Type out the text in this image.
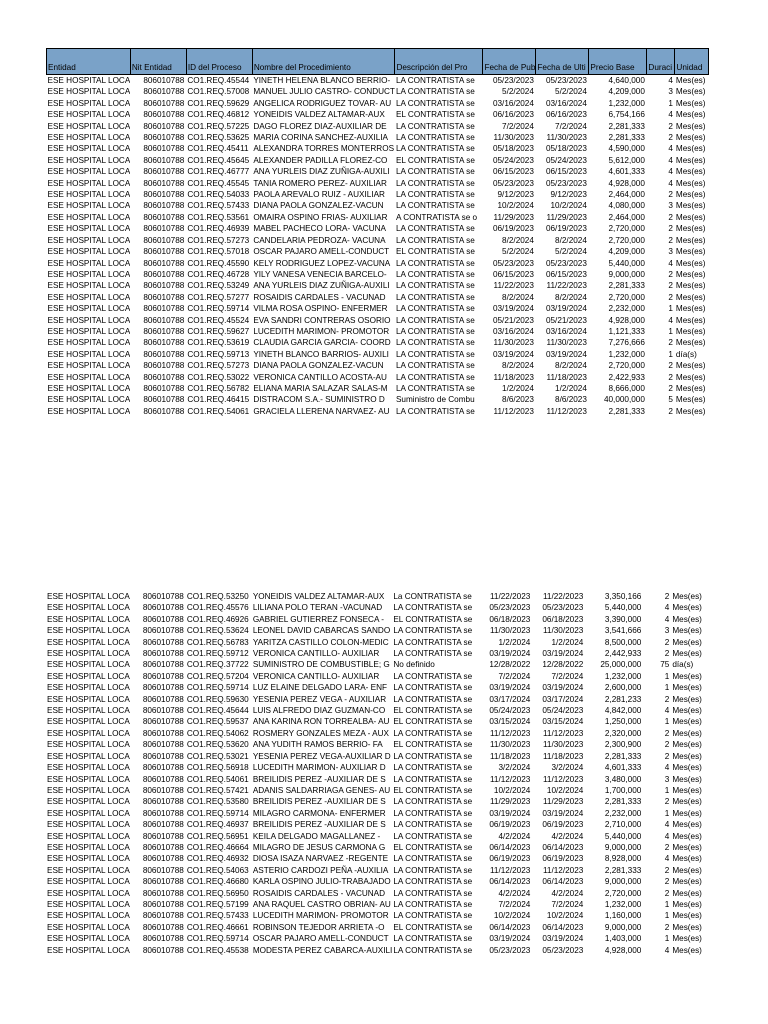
Entidad	Nit Entidad	ID del Proceso	Nombre del Procedimiento	Descripción del Pro	Fecha de Pub	Fecha de Ulti	Precio Base	Duraci	Unidad
ESE HOSPITAL LOCA	806010788	CO1.REQ.45544	YINETH HELENA BLANCO BERRIO-	LA CONTRATISTA se	05/23/2023	05/23/2023	4,640,000	4	Mes(es)
ESE HOSPITAL LOCA	806010788	CO1.REQ.57008	MANUEL JULIO CASTRO- CONDUCT	LA CONTRATISTA se	5/2/2024	5/2/2024	4,209,000	3	Mes(es)
ESE HOSPITAL LOCA	806010788	CO1.REQ.59629	ANGELICA RODRIGUEZ TOVAR- AU	LA CONTRATISTA se	03/16/2024	03/16/2024	1,232,000	1	Mes(es)
ESE HOSPITAL LOCA	806010788	CO1.REQ.46812	YONEIDIS VALDEZ ALTAMAR-AUX	EL CONTRATISTA se	06/16/2023	06/16/2023	6,754,166	4	Mes(es)
ESE HOSPITAL LOCA	806010788	CO1.REQ.57225	DAGO FLOREZ DIAZ-AUXILIAR DE	LA CONTRATISTA se	7/2/2024	7/2/2024	2,281,333	2	Mes(es)
ESE HOSPITAL LOCA	806010788	CO1.REQ.53625	MARIA CORINA SANCHEZ-AUXILIA	LA CONTRATISTA se	11/30/2023	11/30/2023	2,281,333	2	Mes(es)
ESE HOSPITAL LOCA	806010788	CO1.REQ.45411	ALEXANDRA TORRES MONTERROS	LA CONTRATISTA se	05/18/2023	05/18/2023	4,590,000	4	Mes(es)
ESE HOSPITAL LOCA	806010788	CO1.REQ.45645	ALEXANDER PADILLA FLOREZ-CO	EL CONTRATISTA se	05/24/2023	05/24/2023	5,612,000	4	Mes(es)
ESE HOSPITAL LOCA	806010788	CO1.REQ.46777	ANA YURLEIS DIAZ ZUÑIGA-AUXILI	LA CONTRATISTA se	06/15/2023	06/15/2023	4,601,333	4	Mes(es)
ESE HOSPITAL LOCA	806010788	CO1.REQ.45545	TANIA ROMERO PEREZ- AUXILIAR	LA CONTRATISTA se	05/23/2023	05/23/2023	4,928,000	4	Mes(es)
ESE HOSPITAL LOCA	806010788	CO1.REQ.54033	PAOLA AREVALO RUIZ - AUXILIAR	LA CONTRATISTA se	9/12/2023	9/12/2023	2,464,000	2	Mes(es)
ESE HOSPITAL LOCA	806010788	CO1.REQ.57433	DIANA PAOLA GONZALEZ-VACUN	LA CONTRATISTA se	10/2/2024	10/2/2024	4,080,000	3	Mes(es)
ESE HOSPITAL LOCA	806010788	CO1.REQ.53561	OMAIRA OSPINO FRIAS- AUXILIAR	A CONTRATISTA se o	11/29/2023	11/29/2023	2,464,000	2	Mes(es)
ESE HOSPITAL LOCA	806010788	CO1.REQ.46939	MABEL PACHECO LORA- VACUNA	LA CONTRATISTA se	06/19/2023	06/19/2023	2,720,000	2	Mes(es)
ESE HOSPITAL LOCA	806010788	CO1.REQ.57273	CANDELARIA PEDROZA- VACUNA	LA CONTRATISTA se	8/2/2024	8/2/2024	2,720,000	2	Mes(es)
ESE HOSPITAL LOCA	806010788	CO1.REQ.57018	OSCAR PAJARO AMELL-CONDUCT	EL CONTRATISTA se	5/2/2024	5/2/2024	4,209,000	3	Mes(es)
ESE HOSPITAL LOCA	806010788	CO1.REQ.45590	KELY RODRIGUEZ LOPEZ-VACUNA	LA CONTRATISTA se	05/23/2023	05/23/2023	5,440,000	4	Mes(es)
ESE HOSPITAL LOCA	806010788	CO1.REQ.46728	YILY VANESA VENECIA BARCELO-	LA CONTRATISTA se	06/15/2023	06/15/2023	9,000,000	2	Mes(es)
ESE HOSPITAL LOCA	806010788	CO1.REQ.53249	ANA YURLEIS DIAZ ZUÑIGA-AUXILI	LA CONTRATISTA se	11/22/2023	11/22/2023	2,281,333	2	Mes(es)
ESE HOSPITAL LOCA	806010788	CO1.REQ.57277	ROSAIDIS CARDALES - VACUNAD	LA CONTRATISTA se	8/2/2024	8/2/2024	2,720,000	2	Mes(es)
ESE HOSPITAL LOCA	806010788	CO1.REQ.59714	VILMA ROSA OSPINO- ENFERMER	LA CONTRATISTA se	03/19/2024	03/19/2024	2,232,000	1	Mes(es)
ESE HOSPITAL LOCA	806010788	CO1.REQ.45524	EVA SANDRI CONTRERAS OSORIO	LA CONTRATISTA se	05/21/2023	05/21/2023	4,928,000	4	Mes(es)
ESE HOSPITAL LOCA	806010788	CO1.REQ.59627	LUCEDITH MARIMON- PROMOTOR	LA CONTRATISTA se	03/16/2024	03/16/2024	1,121,333	1	Mes(es)
ESE HOSPITAL LOCA	806010788	CO1.REQ.53619	CLAUDIA GARCIA GARCIA- COORD	LA CONTRATISTA se	11/30/2023	11/30/2023	7,276,666	2	Mes(es)
ESE HOSPITAL LOCA	806010788	CO1.REQ.59713	YINETH BLANCO BARRIOS- AUXILI	LA CONTRATISTA se	03/19/2024	03/19/2024	1,232,000	1	día(s)
ESE HOSPITAL LOCA	806010788	CO1.REQ.57273	DIANA PAOLA GONZALEZ-VACUN	LA CONTRATISTA se	8/2/2024	8/2/2024	2,720,000	2	Mes(es)
ESE HOSPITAL LOCA	806010788	CO1.REQ.53022	VERONICA CANTILLO ACOSTA-AU	LA CONTRATISTA se	11/18/2023	11/18/2023	2,422,933	2	Mes(es)
ESE HOSPITAL LOCA	806010788	CO1.REQ.56782	ELIANA MARIA SALAZAR SALAS-M	LA CONTRATISTA se	1/2/2024	1/2/2024	8,666,000	2	Mes(es)
ESE HOSPITAL LOCA	806010788	CO1.REQ.46415	DISTRACOM S.A.- SUMINISTRO D	Suministro de Combu	8/6/2023	8/6/2023	40,000,000	5	Mes(es)
ESE HOSPITAL LOCA	806010788	CO1.REQ.54061	GRACIELA LLERENA NARVAEZ- AU	LA CONTRATISTA se	11/12/2023	11/12/2023	2,281,333	2	Mes(es)
ESE HOSPITAL LOCA	806010788	CO1.REQ.53250	YONEIDIS VALDEZ ALTAMAR-AUX	La CONTRATISTA se	11/22/2023	11/22/2023	3,350,166	2	Mes(es)
ESE HOSPITAL LOCA	806010788	CO1.REQ.45576	LILIANA POLO TERAN -VACUNAD	LA CONTRATISTA se	05/23/2023	05/23/2023	5,440,000	4	Mes(es)
ESE HOSPITAL LOCA	806010788	CO1.REQ.46926	GABRIEL GUTIERREZ FONSECA -	EL CONTRATISTA se	06/18/2023	06/18/2023	3,390,000	4	Mes(es)
ESE HOSPITAL LOCA	806010788	CO1.REQ.53624	LEONEL DAVID CABARCAS SANDO	LA CONTRATISTA se	11/30/2023	11/30/2023	3,541,666	3	Mes(es)
ESE HOSPITAL LOCA	806010788	CO1.REQ.56783	YARITZA CASTILLO COLON-MEDIC	LA CONTRATISTA se	1/2/2024	1/2/2024	8,500,000	2	Mes(es)
ESE HOSPITAL LOCA	806010788	CO1.REQ.59712	VERONICA CANTILLO- AUXILIAR	LA CONTRATISTA se	03/19/2024	03/19/2024	2,442,933	2	Mes(es)
ESE HOSPITAL LOCA	806010788	CO1.REQ.37722	SUMINISTRO DE COMBUSTIBLE; G	No definido	12/28/2022	12/28/2022	25,000,000	75	día(s)
ESE HOSPITAL LOCA	806010788	CO1.REQ.57204	VERONICA CANTILLO- AUXILIAR	LA CONTRATISTA se	7/2/2024	7/2/2024	1,232,000	1	Mes(es)
ESE HOSPITAL LOCA	806010788	CO1.REQ.59714	LUZ ELAINE DELGADO LARA- ENF	LA CONTRATISTA se	03/19/2024	03/19/2024	2,600,000	1	Mes(es)
ESE HOSPITAL LOCA	806010788	CO1.REQ.59630	YESENIA PEREZ VEGA - AUXILIAR	LA CONTRATISTA se	03/17/2024	03/17/2024	2,281,233	2	Mes(es)
ESE HOSPITAL LOCA	806010788	CO1.REQ.45644	LUIS ALFREDO DIAZ GUZMAN-CO	EL CONTRATISTA se	05/24/2023	05/24/2023	4,842,000	4	Mes(es)
ESE HOSPITAL LOCA	806010788	CO1.REQ.59537	ANA KARINA RON TORREALBA- AU	EL CONTRATISTA se	03/15/2024	03/15/2024	1,250,000	1	Mes(es)
ESE HOSPITAL LOCA	806010788	CO1.REQ.54062	ROSMERY GONZALES MEZA - AUX	LA CONTRATISTA se	11/12/2023	11/12/2023	2,320,000	2	Mes(es)
ESE HOSPITAL LOCA	806010788	CO1.REQ.53620	ANA YUDITH RAMOS BERRIO- FA	EL CONTRATISTA se	11/30/2023	11/30/2023	2,300,900	2	Mes(es)
ESE HOSPITAL LOCA	806010788	CO1.REQ.53021	YESENIA PEREZ VEGA-AUXILIAR D	LA CONTRATISTA se	11/18/2023	11/18/2023	2,281,333	2	Mes(es)
ESE HOSPITAL LOCA	806010788	CO1.REQ.56918	LUCEDITH MARIMON- AUXILIAR D	LA CONTRATISTA se	3/2/2024	3/2/2024	4,601,333	4	Mes(es)
ESE HOSPITAL LOCA	806010788	CO1.REQ.54061	BREILIDIS PEREZ -AUXILIAR DE S	LA CONTRATISTA se	11/12/2023	11/12/2023	3,480,000	3	Mes(es)
ESE HOSPITAL LOCA	806010788	CO1.REQ.57421	ADANIS SALDARRIAGA GENES- AU	EL CONTRATISTA se	10/2/2024	10/2/2024	1,700,000	1	Mes(es)
ESE HOSPITAL LOCA	806010788	CO1.REQ.53580	BREILIDIS PEREZ -AUXILIAR DE S	LA CONTRATISTA se	11/29/2023	11/29/2023	2,281,333	2	Mes(es)
ESE HOSPITAL LOCA	806010788	CO1.REQ.59714	MILAGRO CARMONA- ENFERMER	LA CONTRATISTA se	03/19/2024	03/19/2024	2,232,000	1	Mes(es)
ESE HOSPITAL LOCA	806010788	CO1.REQ.46937	BREILIDIS PEREZ -AUXILIAR DE S	LA CONTRATISTA se	06/19/2023	06/19/2023	2,710,000	4	Mes(es)
ESE HOSPITAL LOCA	806010788	CO1.REQ.56951	KEILA DELGADO MAGALLANEZ -	LA CONTRATISTA se	4/2/2024	4/2/2024	5,440,000	4	Mes(es)
ESE HOSPITAL LOCA	806010788	CO1.REQ.46664	MILAGRO DE JESUS CARMONA G	EL CONTRATISTA se	06/14/2023	06/14/2023	9,000,000	2	Mes(es)
ESE HOSPITAL LOCA	806010788	CO1.REQ.46932	DIOSA ISAZA NARVAEZ -REGENTE	LA CONTRATISTA se	06/19/2023	06/19/2023	8,928,000	4	Mes(es)
ESE HOSPITAL LOCA	806010788	CO1.REQ.54063	ASTERIO CARDOZI PEÑA -AUXILIA	LA CONTRATISTA se	11/12/2023	11/12/2023	2,281,333	2	Mes(es)
ESE HOSPITAL LOCA	806010788	CO1.REQ.46680	KARLA OSPINO JULIO-TRABAJADO	LA CONTRATISTA se	06/14/2023	06/14/2023	9,000,000	2	Mes(es)
ESE HOSPITAL LOCA	806010788	CO1.REQ.56950	ROSAIDIS CARDALES - VACUNAD	LA CONTRATISTA se	4/2/2024	4/2/2024	2,720,000	2	Mes(es)
ESE HOSPITAL LOCA	806010788	CO1.REQ.57199	ANA RAQUEL CASTRO OBRIAN- AU	LA CONTRATISTA se	7/2/2024	7/2/2024	1,232,000	1	Mes(es)
ESE HOSPITAL LOCA	806010788	CO1.REQ.57433	LUCEDITH MARIMON- PROMOTOR	LA CONTRATISTA se	10/2/2024	10/2/2024	1,160,000	1	Mes(es)
ESE HOSPITAL LOCA	806010788	CO1.REQ.46661	ROBINSON TEJEDOR ARRIETA -O	EL CONTRATISTA se	06/14/2023	06/14/2023	9,000,000	2	Mes(es)
ESE HOSPITAL LOCA	806010788	CO1.REQ.59714	OSCAR PAJARO AMELL-CONDUCT	LA CONTRATISTA se	03/19/2024	03/19/2024	1,403,000	1	Mes(es)
ESE HOSPITAL LOCA	806010788	CO1.REQ.45538	MODESTA PEREZ CABARCA-AUXILI	LA CONTRATISTA se	05/23/2023	05/23/2023	4,928,000	4	Mes(es)
